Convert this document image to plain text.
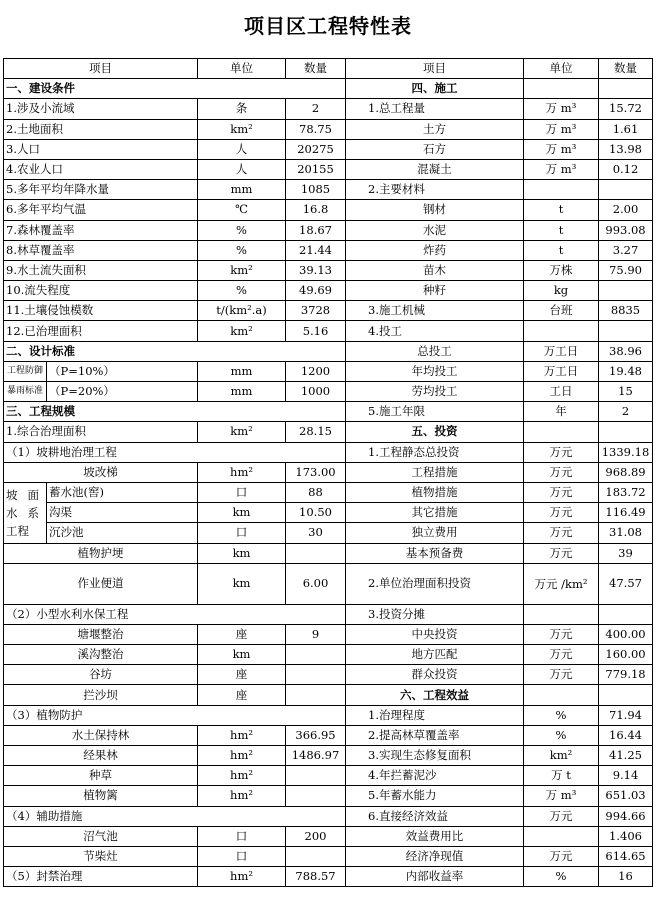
项目区工程特性表
项目		单位	数量	项目	单位	数量
一、建设条件				四、施工		
1.涉及小流域		条	2	1.总工程量	万 m³	15.72
2.土地面积		km²	78.75	土方	万 m³	1.61
3.人口		人	20275	石方	万 m³	13.98
4.农业人口		人	20155	混凝土	万 m³	0.12
5.多年平均年降水量		mm	1085	2.主要材料		
6.多年平均气温		℃	16.8	钢材	t	2.00
7.森林覆盖率		%	18.67	水泥	t	993.08
8.林草覆盖率		%	21.44	炸药	t	3.27
9.水土流失面积		km²	39.13	苗木	万株	75.90
10.流失程度		%	49.69	种籽	kg	
11.土壤侵蚀模数		t/(km².a)	3728	3.施工机械	台班	8835
12.已治理面积		km²	5.16	4.投工		
二、设计标准				总投工	万工日	38.96
工程防御	（P=10%）	mm	1200	年均投工	万工日	19.48
暴雨标准	（P=20%）	mm	1000	劳均投工	工日	15
三、工程规模				5.施工年限	年	2
1.综合治理面积		km²	28.15	五、投资		
（1）坡耕地治理工程				1.工程静态总投资	万元	1339.18
坡改梯		hm²	173.00	工程措施	万元	968.89

坡 面
水 系
工程	蓄水池(窖)	口	88	植物措施	万元	183.72
	沟渠	km	10.50	其它措施	万元	116.49
	沉沙池	口	30	独立费用	万元	31.08
植物护埂		km		基本预备费	万元	39
作业便道		km	6.00	2.单位治理面积投资	万元 /km²	47.57
（2）小型水利水保工程				3.投资分摊		
塘堰整治		座	9	中央投资	万元	400.00
溪沟整治		km		地方匹配	万元	160.00
谷坊		座		群众投资	万元	779.18
拦沙坝		座		六、工程效益		
（3）植物防护				1.治理程度	%	71.94
水土保持林		hm²	366.95	2.提高林草覆盖率	%	16.44
经果林		hm²	1486.97	3.实现生态修复面积	km²	41.25
种草		hm²		4.年拦蓄泥沙	万 t	9.14
植物篱		hm²		5.年蓄水能力	万 m³	651.03
（4）辅助措施				6.直接经济效益	万元	994.66
沼气池		口	200	效益费用比		1.406
节柴灶		口		经济净现值	万元	614.65
（5）封禁治理		hm²	788.57	内部收益率	%	16
